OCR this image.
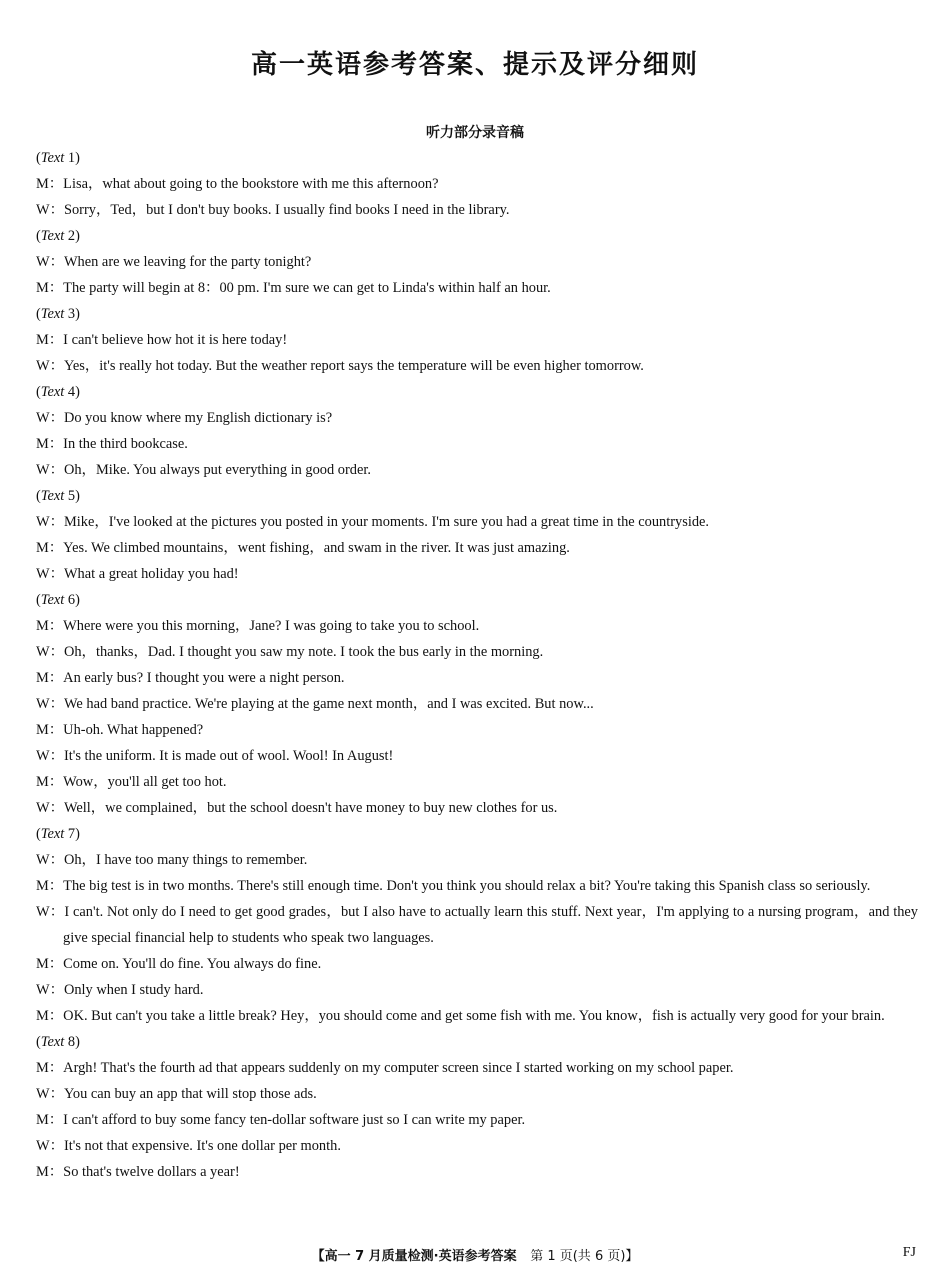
高一英语参考答案、提示及评分细则
听力部分录音稿
(Text 1)
M：Lisa，what about going to the bookstore with me this afternoon?
W：Sorry，Ted，but I don't buy books. I usually find books I need in the library.
(Text 2)
W：When are we leaving for the party tonight?
M：The party will begin at 8：00 pm. I'm sure we can get to Linda's within half an hour.
(Text 3)
M：I can't believe how hot it is here today!
W：Yes，it's really hot today. But the weather report says the temperature will be even higher tomorrow.
(Text 4)
W：Do you know where my English dictionary is?
M：In the third bookcase.
W：Oh，Mike. You always put everything in good order.
(Text 5)
W：Mike，I've looked at the pictures you posted in your moments. I'm sure you had a great time in the countryside.
M：Yes. We climbed mountains，went fishing，and swam in the river. It was just amazing.
W：What a great holiday you had!
(Text 6)
M：Where were you this morning，Jane? I was going to take you to school.
W：Oh，thanks，Dad. I thought you saw my note. I took the bus early in the morning.
M：An early bus? I thought you were a night person.
W：We had band practice. We're playing at the game next month，and I was excited. But now...
M：Uh-oh. What happened?
W：It's the uniform. It is made out of wool. Wool! In August!
M：Wow，you'll all get too hot.
W：Well，we complained，but the school doesn't have money to buy new clothes for us.
(Text 7)
W：Oh，I have too many things to remember.
M：The big test is in two months. There's still enough time. Don't you think you should relax a bit? You're taking this Spanish class so seriously.
W：I can't. Not only do I need to get good grades，but I also have to actually learn this stuff. Next year，I'm applying to a nursing program，and they give special financial help to students who speak two languages.
M：Come on. You'll do fine. You always do fine.
W：Only when I study hard.
M：OK. But can't you take a little break? Hey，you should come and get some fish with me. You know，fish is actually very good for your brain.
(Text 8)
M：Argh! That's the fourth ad that appears suddenly on my computer screen since I started working on my school paper.
W：You can buy an app that will stop those ads.
M：I can't afford to buy some fancy ten-dollar software just so I can write my paper.
W：It's not that expensive. It's one dollar per month.
M：So that's twelve dollars a year!
【高一 7 月质量检测·英语参考答案 第 1 页(共 6 页)】	FJ
